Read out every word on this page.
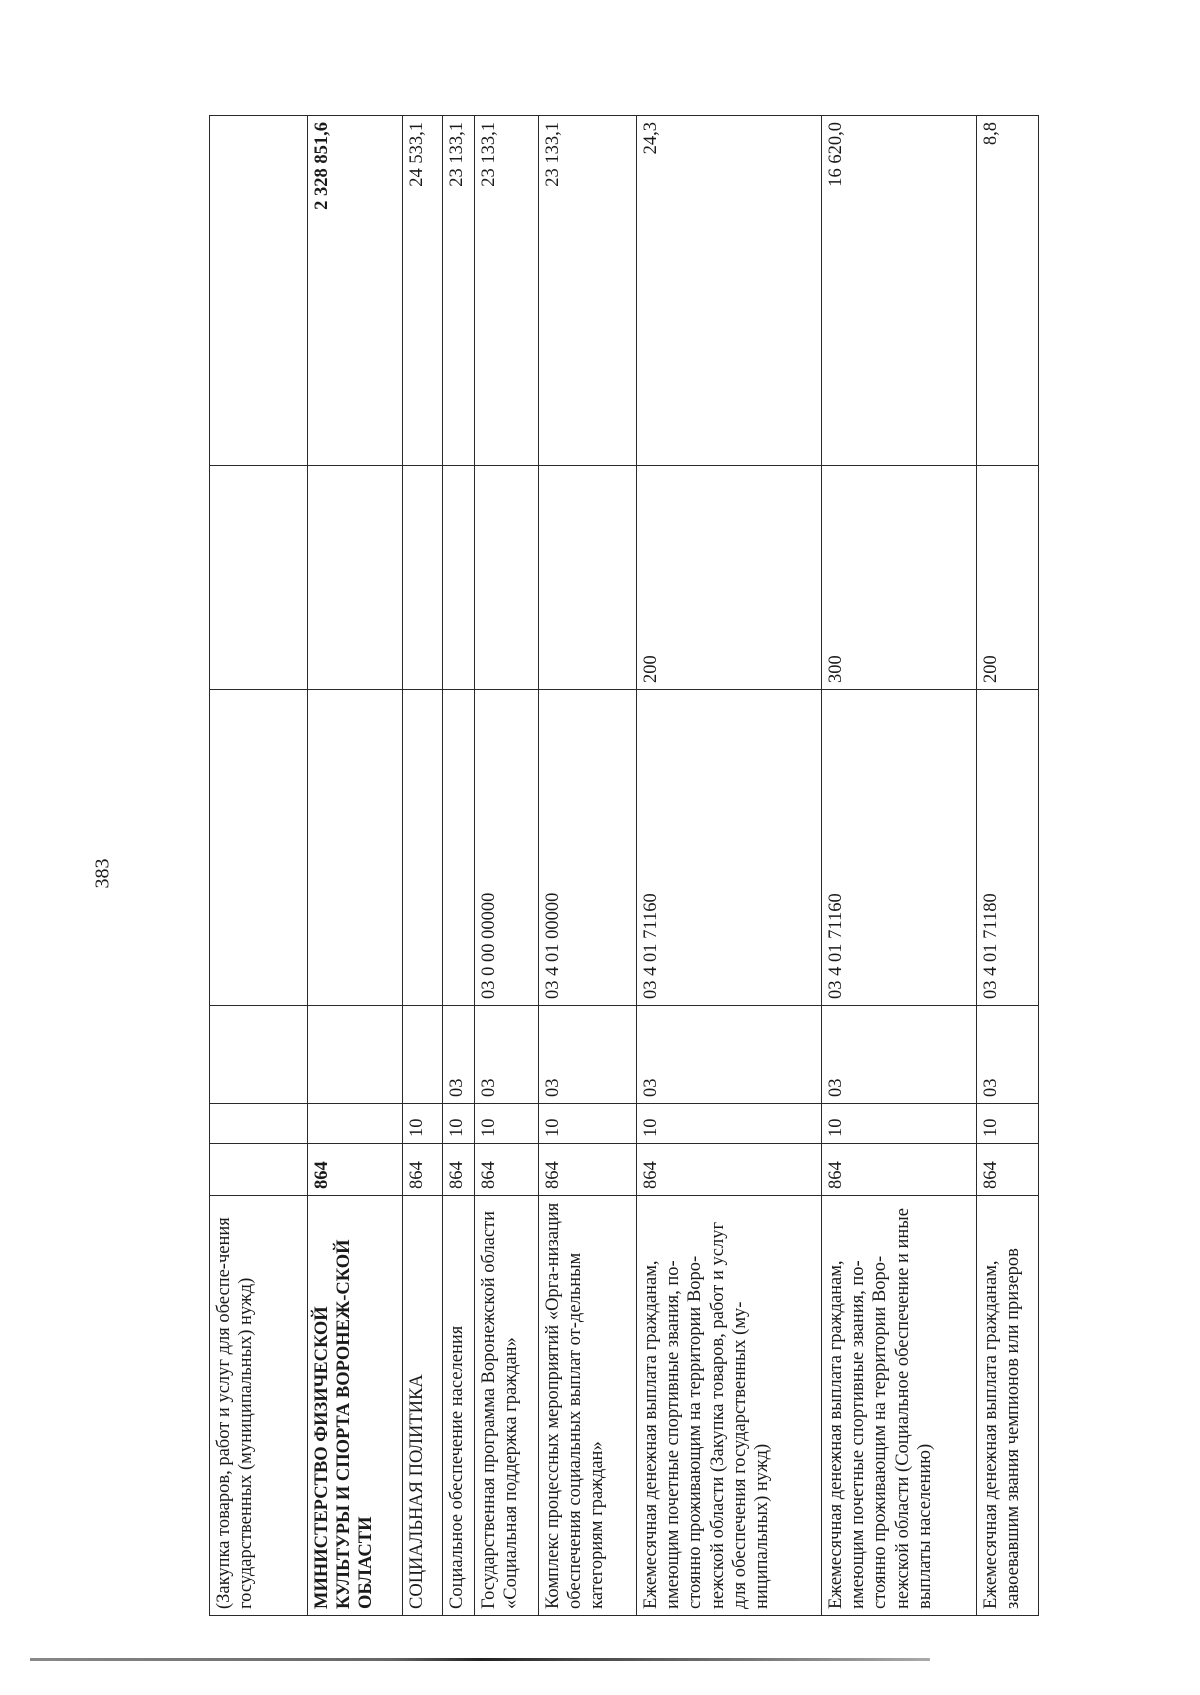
383
(Закупка товаров, работ и услуг для обеспе-чения государственных (муниципальных) нужд)						
МИНИСТЕРСТВО ФИЗИЧЕСКОЙ КУЛЬТУРЫ И СПОРТА ВОРОНЕЖ-СКОЙ ОБЛАСТИ	864					2 328 851,6
СОЦИАЛЬНАЯ ПОЛИТИКА	864	10				24 533,1
Социальное обеспечение населения	864	10	03			23 133,1
Государственная программа Воронежской области «Социальная поддержка граждан»	864	10	03	03 0 00 00000		23 133,1
Комплекс процессных мероприятий «Орга-низация обеспечения социальных выплат от-дельным категориям граждан»	864	10	03	03 4 01 00000		23 133,1
Ежемесячная денежная выплата гражданам, имеющим почетные спортивные звания, по-стоянно проживающим на территории Воро-нежской области (Закупка товаров, работ и услуг для обеспечения государственных (му-ниципальных) нужд)	864	10	03	03 4 01 71160	200	24,3
Ежемесячная денежная выплата гражданам, имеющим почетные спортивные звания, по-стоянно проживающим на территории Воро-нежской области (Социальное обеспечение и иные выплаты населению)	864	10	03	03 4 01 71160	300	16 620,0
Ежемесячная денежная выплата гражданам, завоевавшим звания чемпионов или призеров	864	10	03	03 4 01 71180	200	8,8
